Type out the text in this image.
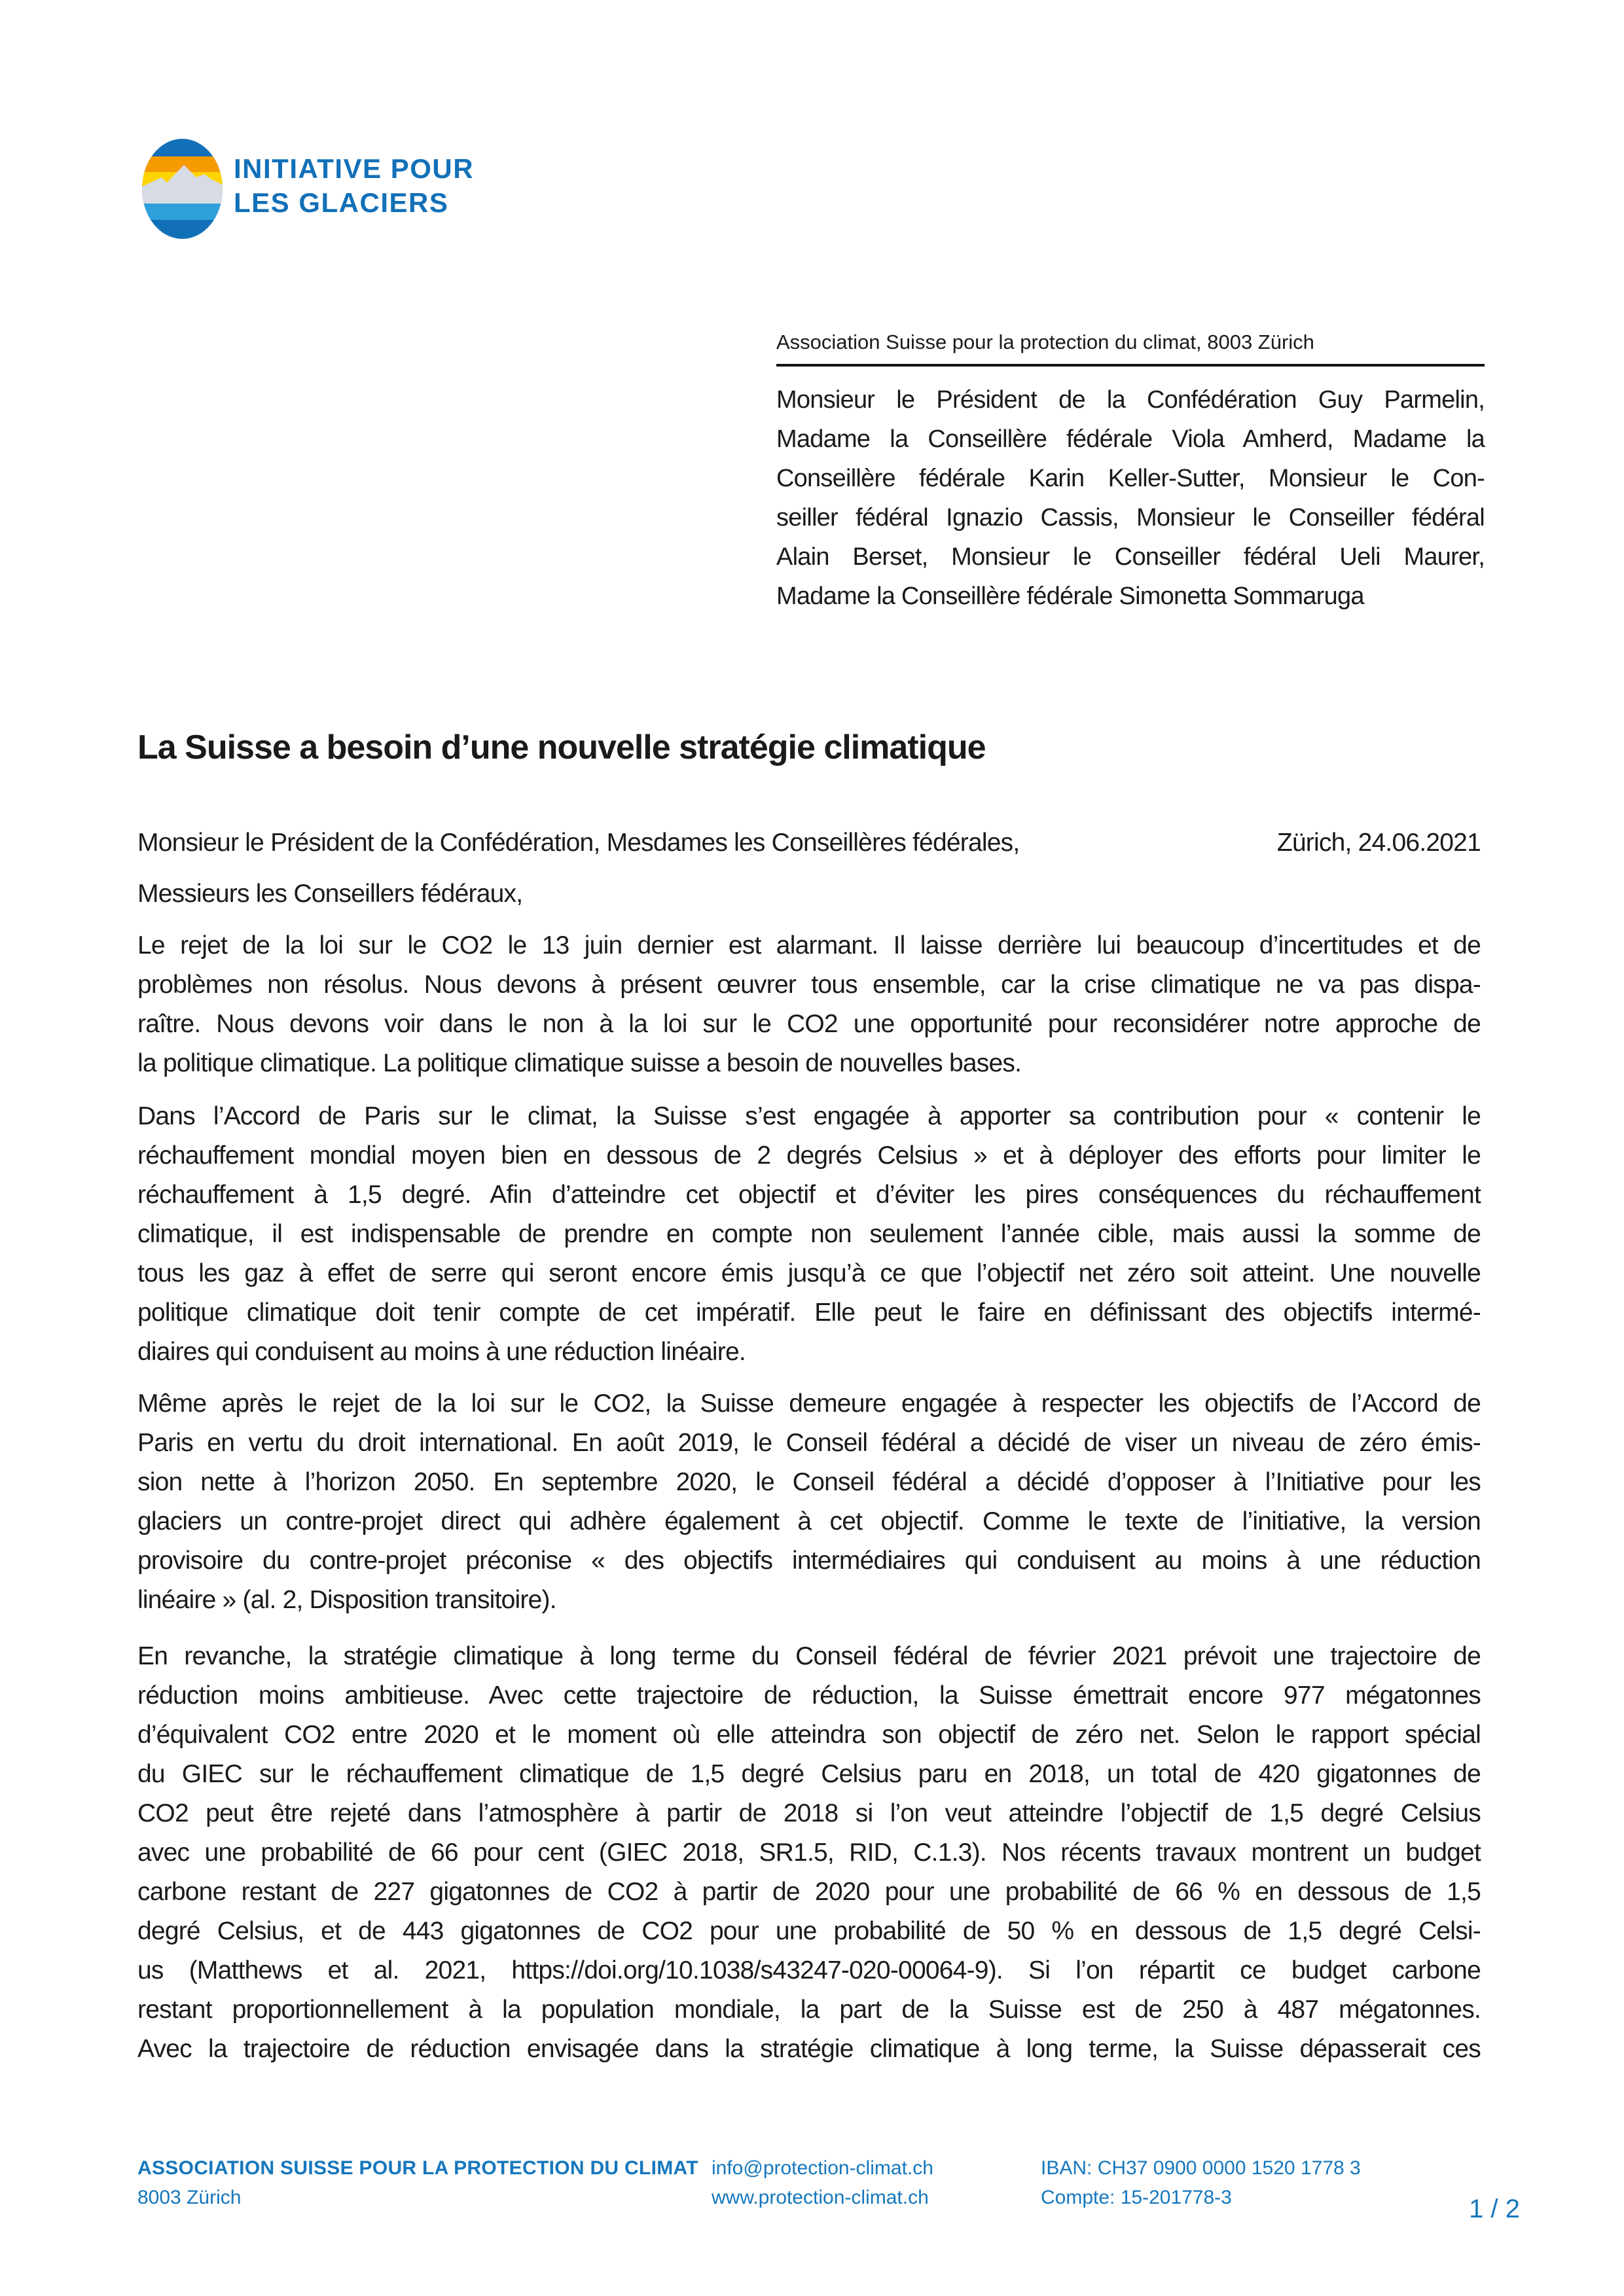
INITIATIVE POUR
LES GLACIERS
Association Suisse pour la protection du climat, 8003 Zürich
Monsieur le Président de la Confédération Guy Parmelin,
Madame la Conseillère fédérale Viola Amherd, Madame la
Conseillère fédérale Karin Keller-Sutter, Monsieur le Con-
seiller fédéral Ignazio Cassis, Monsieur le Conseiller fédéral
Alain Berset, Monsieur le Conseiller fédéral Ueli Maurer,
Madame la Conseillère fédérale Simonetta Sommaruga
La Suisse a besoin d’une nouvelle stratégie climatique
Monsieur le Président de la Confédération, Mesdames les Conseillères fédérales,	Zürich, 24.06.2021
Messieurs les Conseillers fédéraux,
Le rejet de la loi sur le CO2 le 13 juin dernier est alarmant. Il laisse derrière lui beaucoup d’incertitudes et de
problèmes non résolus. Nous devons à présent œuvrer tous ensemble, car la crise climatique ne va pas dispa-
raître. Nous devons voir dans le non à la loi sur le CO2 une opportunité pour reconsidérer notre approche de
la politique climatique. La politique climatique suisse a besoin de nouvelles bases.
Dans l’Accord de Paris sur le climat, la Suisse s’est engagée à apporter sa contribution pour « contenir le
réchauffement mondial moyen bien en dessous de 2 degrés Celsius » et à déployer des efforts pour limiter le
réchauffement à 1,5 degré. Afin d’atteindre cet objectif et d’éviter les pires conséquences du réchauffement
climatique, il est indispensable de prendre en compte non seulement l’année cible, mais aussi la somme de
tous les gaz à effet de serre qui seront encore émis jusqu’à ce que l’objectif net zéro soit atteint. Une nouvelle
politique climatique doit tenir compte de cet impératif. Elle peut le faire en définissant des objectifs intermé-
diaires qui conduisent au moins à une réduction linéaire.
Même après le rejet de la loi sur le CO2, la Suisse demeure engagée à respecter les objectifs de l’Accord de
Paris en vertu du droit international. En août 2019, le Conseil fédéral a décidé de viser un niveau de zéro émis-
sion nette à l’horizon 2050. En septembre 2020, le Conseil fédéral a décidé d’opposer à l’Initiative pour les
glaciers un contre-projet direct qui adhère également à cet objectif. Comme le texte de l’initiative, la version
provisoire du contre-projet préconise « des objectifs intermédiaires qui conduisent au moins à une réduction
linéaire » (al. 2, Disposition transitoire).
En revanche, la stratégie climatique à long terme du Conseil fédéral de février 2021 prévoit une trajectoire de
réduction moins ambitieuse. Avec cette trajectoire de réduction, la Suisse émettrait encore 977 mégatonnes
d’équivalent CO2 entre 2020 et le moment où elle atteindra son objectif de zéro net. Selon le rapport spécial
du GIEC sur le réchauffement climatique de 1,5 degré Celsius paru en 2018, un total de 420 gigatonnes de
CO2 peut être rejeté dans l’atmosphère à partir de 2018 si l’on veut atteindre l’objectif de 1,5 degré Celsius
avec une probabilité de 66 pour cent (GIEC 2018, SR1.5, RID, C.1.3). Nos récents travaux montrent un budget
carbone restant de 227 gigatonnes de CO2 à partir de 2020 pour une probabilité de 66 % en dessous de 1,5
degré Celsius, et de 443 gigatonnes de CO2 pour une probabilité de 50 % en dessous de 1,5 degré Celsi-
us (Matthews et al. 2021, https://doi.org/10.1038/s43247-020-00064-9). Si l’on répartit ce budget carbone
restant proportionnellement à la population mondiale, la part de la Suisse est de 250 à 487 mégatonnes.
Avec la trajectoire de réduction envisagée dans la stratégie climatique à long terme, la Suisse dépasserait ces
ASSOCIATION SUISSE POUR LA PROTECTION DU CLIMAT
8003 Zürich
info@protection-climat.ch
www.protection-climat.ch
IBAN: CH37 0900 0000 1520 1778 3
Compte: 15-201778-3	1 / 2
